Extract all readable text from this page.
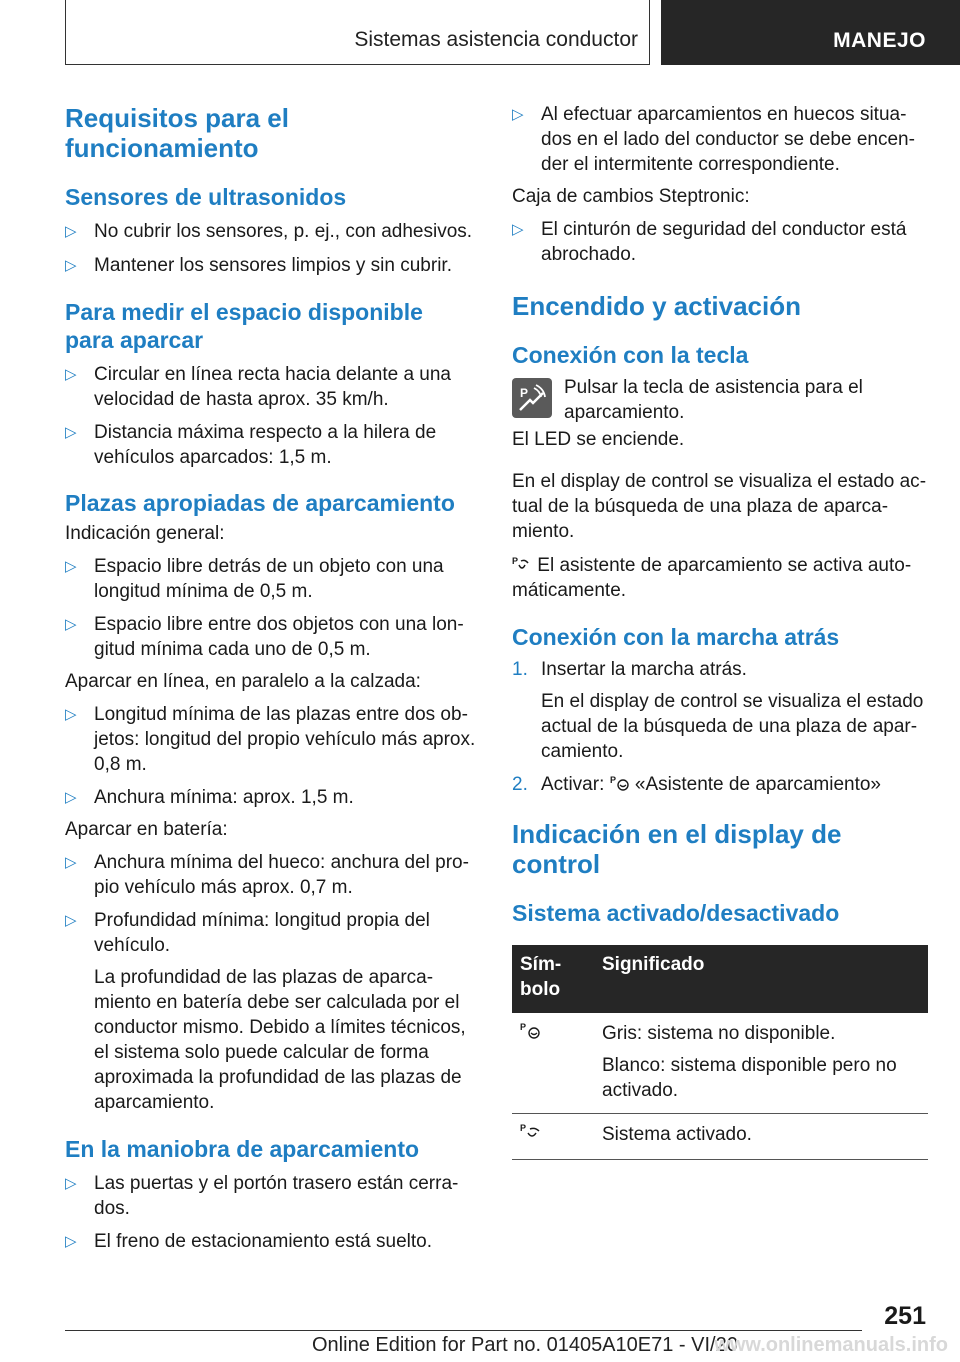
Sistemas asistencia conductor	MANEJO
Requisitos para el funcionamiento
Sensores de ultrasonidos
▷ No cubrir los sensores, p. ej., con adhesivos.
▷ Mantener los sensores limpios y sin cubrir.
Para medir el espacio disponible para aparcar
▷ Circular en línea recta hacia delante a una velocidad de hasta aprox. 35 km/h.
▷ Distancia máxima respecto a la hilera de vehículos aparcados: 1,5 m.
Plazas apropiadas de aparcamiento
Indicación general:
▷ Espacio libre detrás de un objeto con una longitud mínima de 0,5 m.
▷ Espacio libre entre dos objetos con una longitud mínima cada uno de 0,5 m.
Aparcar en línea, en paralelo a la calzada:
▷ Longitud mínima de las plazas entre dos objetos: longitud del propio vehículo más aprox. 0,8 m.
▷ Anchura mínima: aprox. 1,5 m.
Aparcar en batería:
▷ Anchura mínima del hueco: anchura del propio vehículo más aprox. 0,7 m.
▷ Profundidad mínima: longitud propia del vehículo.
La profundidad de las plazas de aparcamiento en batería debe ser calculada por el conductor mismo. Debido a límites técnicos, el sistema solo puede calcular de forma aproximada la profundidad de las plazas de aparcamiento.
En la maniobra de aparcamiento
▷ Las puertas y el portón trasero están cerrados.
▷ El freno de estacionamiento está suelto.
▷ Al efectuar aparcamientos en huecos situados en el lado del conductor se debe encender el intermitente correspondiente.
Caja de cambios Steptronic:
▷ El cinturón de seguridad del conductor está abrochado.
Encendido y activación
Conexión con la tecla
P Pulsar la tecla de asistencia para el aparcamiento.
El LED se enciende.
En el display de control se visualiza el estado actual de la búsqueda de una plaza de aparcamiento.
P El asistente de aparcamiento se activa automáticamente.
Conexión con la marcha atrás
1. Insertar la marcha atrás.
En el display de control se visualiza el estado actual de la búsqueda de una plaza de aparcamiento.
2. Activar: P «Asistente de aparcamiento»
Indicación en el display de control
Sistema activado/desactivado
Símbolo	Significado

P	Gris: sistema no disponible.
Blanco: sistema disponible pero no activado.

P	Sistema activado.
251
Online Edition for Part no. 01405A10E71 - VI/20
www.onlinemanuals.info
